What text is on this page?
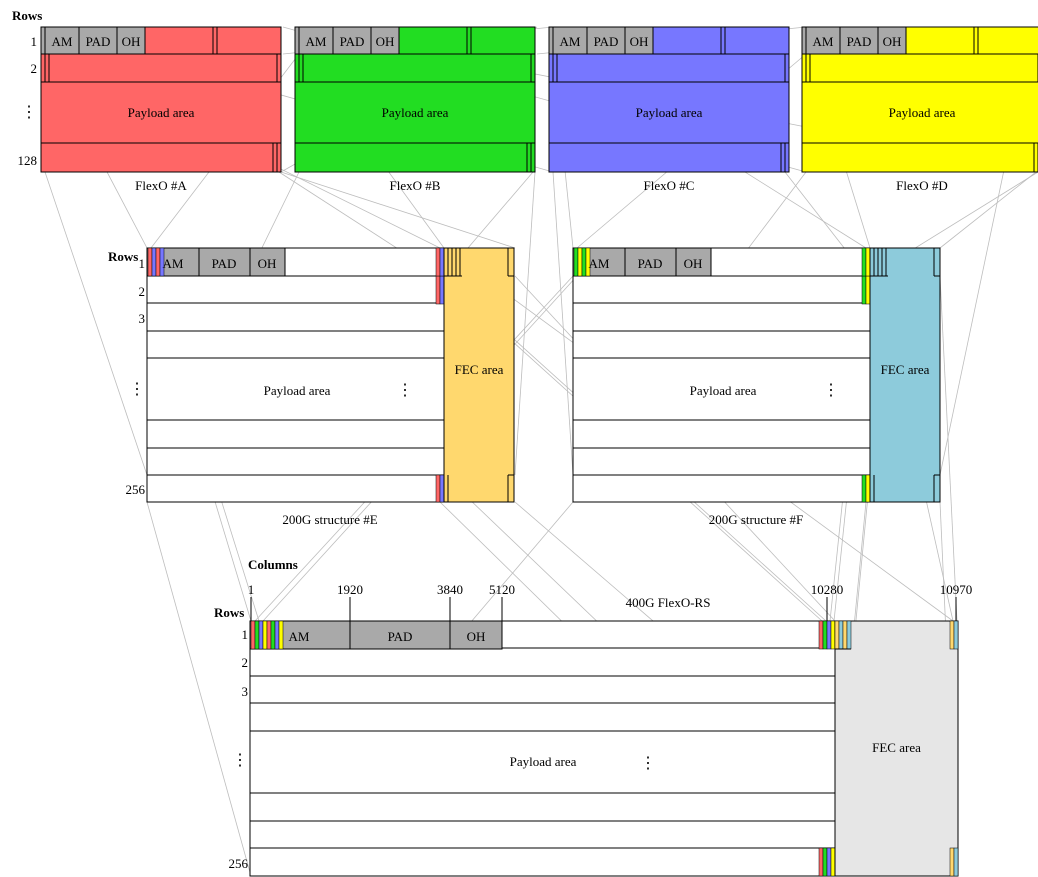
AM PAD OH
Payload area
FlexO #A
AM PAD OH
Payload area
FlexO #B
AM PAD OH
Payload area
FlexO #C
AM PAD OH
Payload area
FlexO #D
Rows
1
2
⋮
128
AM PAD OH
FEC area
Payload area	⋮
200G structure #E
AM PAD OH
FEC area
Payload area	⋮
200G structure #F
Rows 1
2
3
⋮
256
AM	PAD	OH
FEC area
Payload area	⋮
1	1920	3840 5120	10280	10970
Columns
Rows
400G FlexO-RS
1
2
3
⋮
256
